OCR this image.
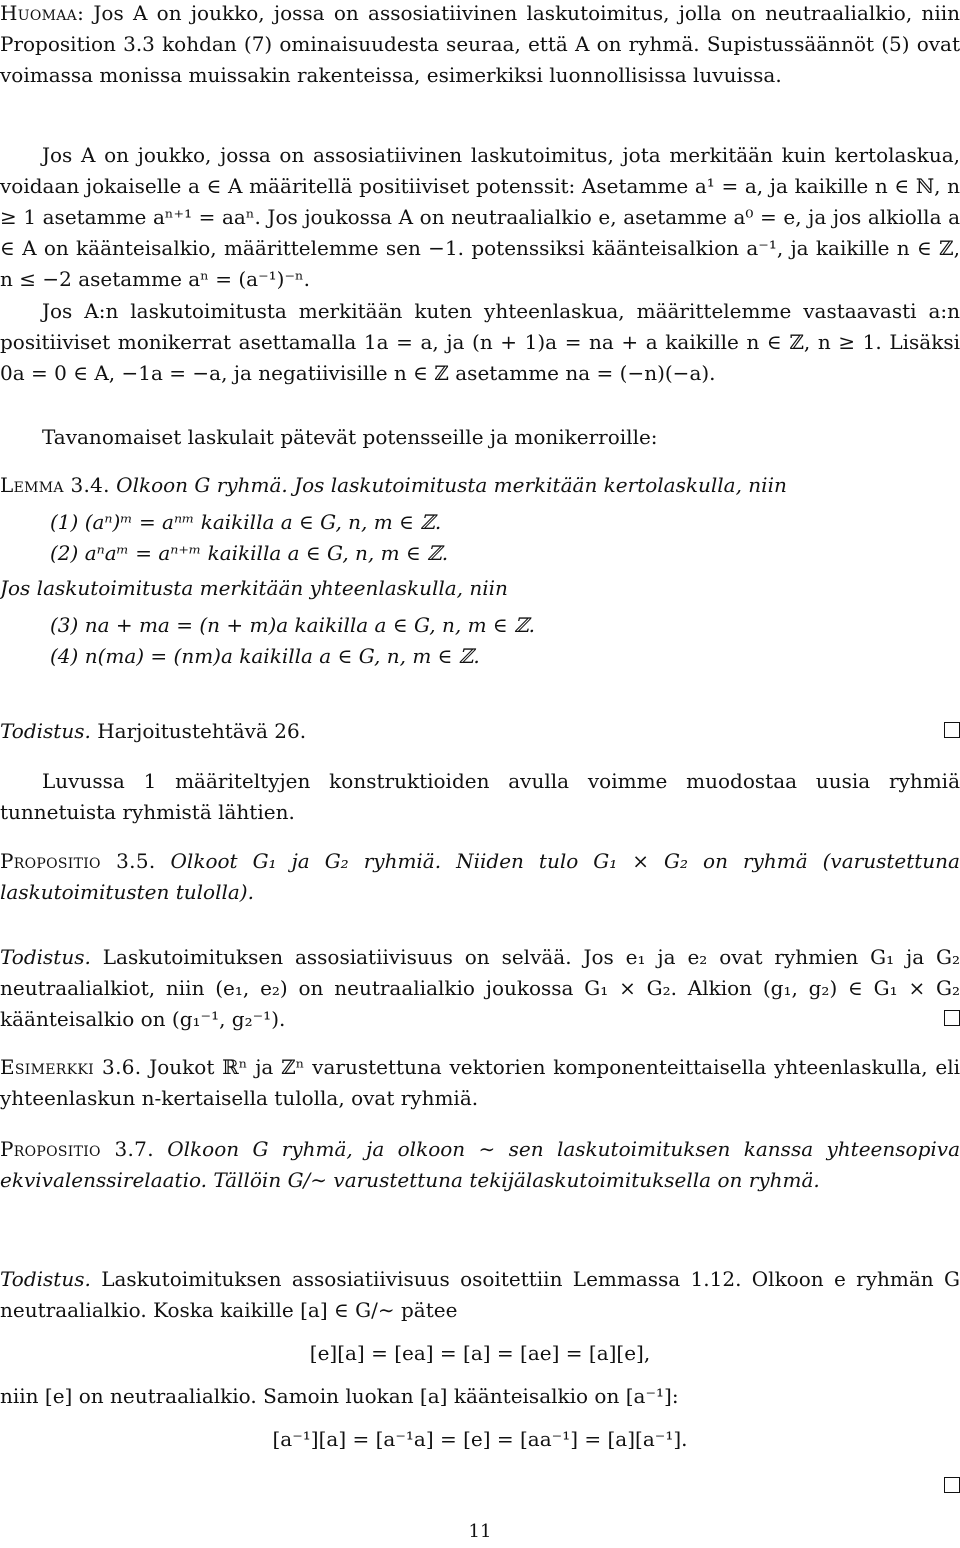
Huomaa: Jos A on joukko, jossa on assosiatiivinen laskutoimitus, jolla on neutraalialkio, niin Proposition 3.3 kohdan (7) ominaisuudesta seuraa, että A on ryhmä. Supistussäännöt (5) ovat voimassa monissa muissakin rakenteissa, esimerkiksi luonnollisissa luvuissa.

Jos A on joukko, jossa on assosiatiivinen laskutoimitus, jota merkitään kuin kertolaskua, voidaan jokaiselle a ∈ A määritellä positiiviset potenssit: Asetamme a¹ = a, ja kaikille n ∈ ℕ, n ≥ 1 asetamme aⁿ⁺¹ = aaⁿ. Jos joukossa A on neutraalialkio e, asetamme a⁰ = e, ja jos alkiolla a ∈ A on käänteisalkio, määrittelemme sen −1. potenssiksi käänteisalkion a⁻¹, ja kaikille n ∈ ℤ, n ≤ −2 asetamme aⁿ = (a⁻¹)⁻ⁿ.

Jos A:n laskutoimitusta merkitään kuten yhteenlaskua, määrittelemme vastaavasti a:n positiiviset monikerrat asettamalla 1a = a, ja (n + 1)a = na + a kaikille n ∈ ℤ, n ≥ 1. Lisäksi 0a = 0 ∈ A, −1a = −a, ja negatiivisille n ∈ ℤ asetamme na = (−n)(−a).

Tavanomaiset laskulait pätevät potensseille ja monikerroille:

Lemma 3.4. Olkoon G ryhmä. Jos laskutoimitusta merkitään kertolaskulla, niin

(1) (aⁿ)ᵐ = aⁿᵐ kaikilla a ∈ G, n, m ∈ ℤ.
(2) aⁿaᵐ = aⁿ⁺ᵐ kaikilla a ∈ G, n, m ∈ ℤ.

Jos laskutoimitusta merkitään yhteenlaskulla, niin

(3) na + ma = (n + m)a kaikilla a ∈ G, n, m ∈ ℤ.
(4) n(ma) = (nm)a kaikilla a ∈ G, n, m ∈ ℤ.

Todistus. Harjoitustehtävä 26.

Luvussa 1 määriteltyjen konstruktioiden avulla voimme muodostaa uusia ryhmiä tunnetuista ryhmistä lähtien.

Propositio 3.5. Olkoot G₁ ja G₂ ryhmiä. Niiden tulo G₁ × G₂ on ryhmä (varustettuna laskutoimitusten tulolla).

Todistus. Laskutoimituksen assosiatiivisuus on selvää. Jos e₁ ja e₂ ovat ryhmien G₁ ja G₂ neutraalialkiot, niin (e₁, e₂) on neutraalialkio joukossa G₁ × G₂. Alkion (g₁, g₂) ∈ G₁ × G₂ käänteisalkio on (g₁⁻¹, g₂⁻¹).

Esimerkki 3.6. Joukot ℝⁿ ja ℤⁿ varustettuna vektorien komponenteittaisella yhteenlaskulla, eli yhteenlaskun n-kertaisella tulolla, ovat ryhmiä.

Propositio 3.7. Olkoon G ryhmä, ja olkoon ∼ sen laskutoimituksen kanssa yhteensopiva ekvivalenssirelaatio. Tällöin G/∼ varustettuna tekijälaskutoimituksella on ryhmä.

Todistus. Laskutoimituksen assosiatiivisuus osoitettiin Lemmassa 1.12. Olkoon e ryhmän G neutraalialkio. Koska kaikille [a] ∈ G/∼ pätee

[e][a] = [ea] = [a] = [ae] = [a][e],

niin [e] on neutraalialkio. Samoin luokan [a] käänteisalkio on [a⁻¹]:

[a⁻¹][a] = [a⁻¹a] = [e] = [aa⁻¹] = [a][a⁻¹].

11
